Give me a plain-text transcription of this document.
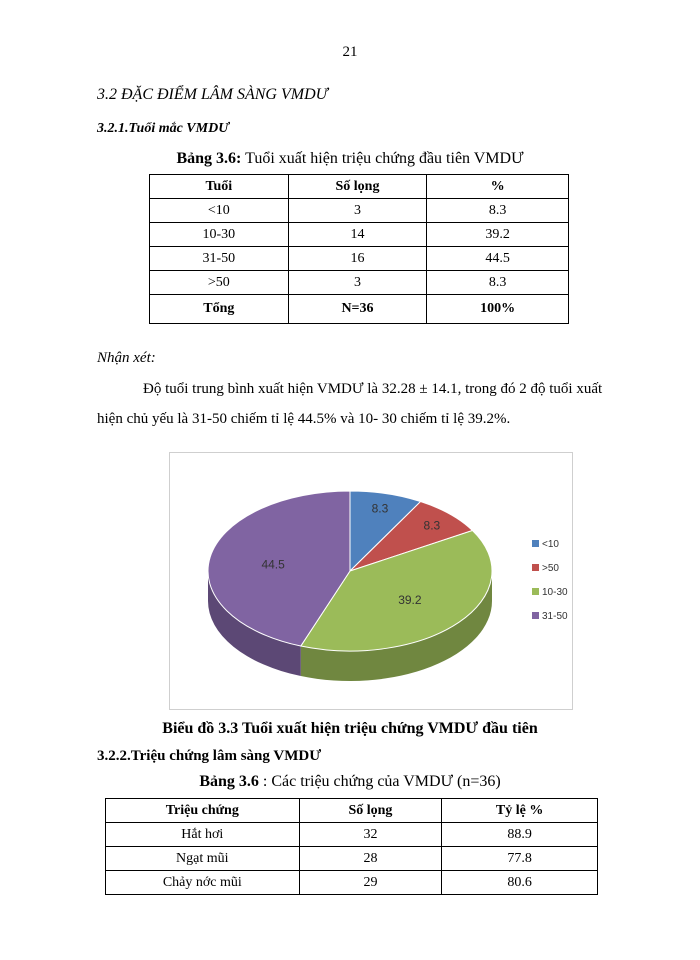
21
3.2 ĐẶC ĐIỂM LÂM SÀNG VMDƯ
3.2.1.Tuổi mắc VMDƯ
Bảng 3.6: Tuổi xuất hiện triệu chứng đầu tiên VMDƯ
Tuổi	Số lọng	%
<10	3	8.3
10-30	14	39.2
31-50	16	44.5
>50	3	8.3
Tổng	N=36	100%
Nhận xét:
Độ tuổi trung bình xuất hiện VMDƯ là 32.28 ± 14.1, trong đó 2 độ tuổi xuất
hiện chủ yếu là 31-50 chiếm tỉ lệ 44.5% và 10- 30 chiếm tỉ lệ 39.2%.
8.3
8.3
39.2
44.5
<10
>50
10-30
31-50
Biểu đồ 3.3 Tuổi xuất hiện triệu chứng VMDƯ đầu tiên
3.2.2.Triệu chứng lâm sàng VMDƯ
Bảng 3.6 : Các triệu chứng của VMDƯ (n=36)
Triệu chứng	Số lọng	Tỷ lệ %
Hắt hơi	32	88.9
Ngạt mũi	28	77.8
Chảy nớc mũi	29	80.6
